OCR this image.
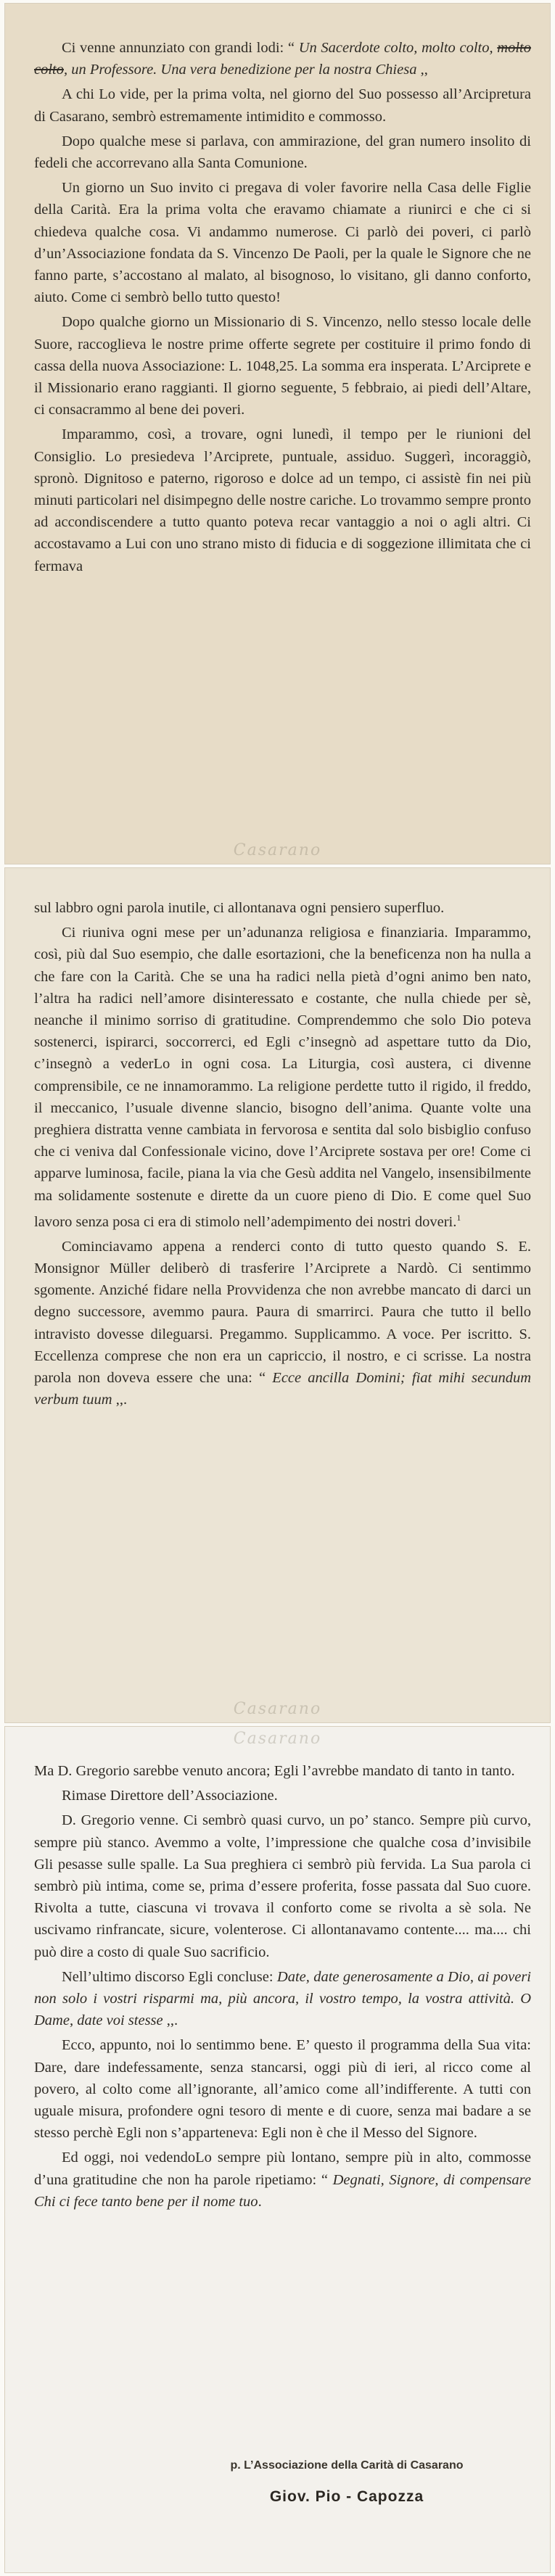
Ci venne annunziato con grandi lodi: “ Un Sacerdote colto, molto colto, molto colto, un Professore. Una vera benedizione per la nostra Chiesa ,,

A chi Lo vide, per la prima volta, nel giorno del Suo possesso all’Arcipretura di Casarano, sembrò estremamente intimidito e commosso.

Dopo qualche mese si parlava, con ammirazione, del gran numero insolito di fedeli che accorrevano alla Santa Comunione.

Un giorno un Suo invito ci pregava di voler favorire nella Casa delle Figlie della Carità. Era la prima volta che eravamo chiamate a riunirci e che ci si chiedeva qualche cosa. Vi andammo numerose. Ci parlò dei poveri, ci parlò d’un’Associazione fondata da S. Vincenzo De Paoli, per la quale le Signore che ne fanno parte, s’accostano al malato, al bisognoso, lo visitano, gli danno conforto, aiuto. Come ci sembrò bello tutto questo!

Dopo qualche giorno un Missionario di S. Vincenzo, nello stesso locale delle Suore, raccoglieva le nostre prime offerte segrete per costituire il primo fondo di cassa della nuova Associazione: L. 1048,25. La somma era insperata. L’Arciprete e il Missionario erano raggianti. Il giorno seguente, 5 febbraio, ai piedi dell’Altare, ci consacrammo al bene dei poveri.

Imparammo, così, a trovare, ogni lunedì, il tempo per le riunioni del Consiglio. Lo presiedeva l’Arciprete, puntuale, assiduo. Suggerì, incoraggiò, spronò. Dignitoso e paterno, rigoroso e dolce ad un tempo, ci assistè fin nei più minuti particolari nel disimpegno delle nostre cariche. Lo trovammo sempre pronto ad accondiscendere a tutto quanto poteva recar vantaggio a noi o agli altri. Ci accostavamo a Lui con uno strano misto di fiducia e di soggezione illimitata che ci fermava

Casarano

sul labbro ogni parola inutile, ci allontanava ogni pensiero superfluo.

Ci riuniva ogni mese per un’adunanza religiosa e finanziaria. Imparammo, così, più dal Suo esempio, che dalle esortazioni, che la beneficenza non ha nulla a che fare con la Carità. Che se una ha radici nella pietà d’ogni animo ben nato, l’altra ha radici nell’amore disinteressato e costante, che nulla chiede per sè, neanche il minimo sorriso di gratitudine. Comprendemmo che solo Dio poteva sostenerci, ispirarci, soccorrerci, ed Egli c’insegnò ad aspettare tutto da Dio, c’insegnò a vederLo in ogni cosa. La Liturgia, così austera, ci divenne comprensibile, ce ne innamorammo. La religione perdette tutto il rigido, il freddo, il meccanico, l’usuale divenne slancio, bisogno dell’anima. Quante volte una preghiera distratta venne cambiata in fervorosa e sentita dal solo bisbiglio confuso che ci veniva dal Confessionale vicino, dove l’Arciprete sostava per ore! Come ci apparve luminosa, facile, piana la via che Gesù addita nel Vangelo, insensibilmente ma solidamente sostenute e dirette da un cuore pieno di Dio. E come quel Suo lavoro senza posa ci era di stimolo nell’adempimento dei nostri doveri.$^1$

Cominciavamo appena a renderci conto di tutto questo quando S. E. Monsignor Müller deliberò di trasferire l’Arciprete a Nardò. Ci sentimmo sgomente. Anziché fidare nella Provvidenza che non avrebbe mancato di darci un degno successore, avemmo paura. Paura di smarrirci. Paura che tutto il bello intravisto dovesse dileguarsi. Pregammo. Supplicammo. A voce. Per iscritto. S. Eccellenza comprese che non era un capriccio, il nostro, e ci scrisse. La nostra parola non doveva essere che una: “ Ecce ancilla Domini; fiat mihi secundum verbum tuum ,,.

Casarano
Casarano

Ma D. Gregorio sarebbe venuto ancora; Egli l’avrebbe mandato di tanto in tanto.

Rimase Direttore dell’Associazione.

D. Gregorio venne. Ci sembrò quasi curvo, un po’ stanco. Sempre più curvo, sempre più stanco. Avemmo a volte, l’impressione che qualche cosa d’invisibile Gli pesasse sulle spalle. La Sua preghiera ci sembrò più fervida. La Sua parola ci sembrò più intima, come se, prima d’essere proferita, fosse passata dal Suo cuore. Rivolta a tutte, ciascuna vi trovava il conforto come se rivolta a sè sola. Ne uscivamo rinfrancate, sicure, volenterose. Ci allontanavamo contente.... ma.... chi può dire a costo di quale Suo sacrificio.

Nell’ultimo discorso Egli concluse: Date, date generosamente a Dio, ai poveri non solo i vostri risparmi ma, più ancora, il vostro tempo, la vostra attività. O Dame, date voi stesse ,,.

Ecco, appunto, noi lo sentimmo bene. E’ questo il programma della Sua vita: Dare, dare indefessamente, senza stancarsi, oggi più di ieri, al ricco come al povero, al colto come all’ignorante, all’amico come all’indifferente. A tutti con uguale misura, profondere ogni tesoro di mente e di cuore, senza mai badare a se stesso perchè Egli non s’apparteneva: Egli non è che il Messo del Signore.

Ed oggi, noi vedendoLo sempre più lontano, sempre più in alto, commosse d’una gratitudine che non ha parole ripetiamo: “ Degnati, Signore, di compensare Chi ci fece tanto bene per il nome tuo.

p. L’Associazione della Carità di Casarano
Giov. Pio - Capozza
